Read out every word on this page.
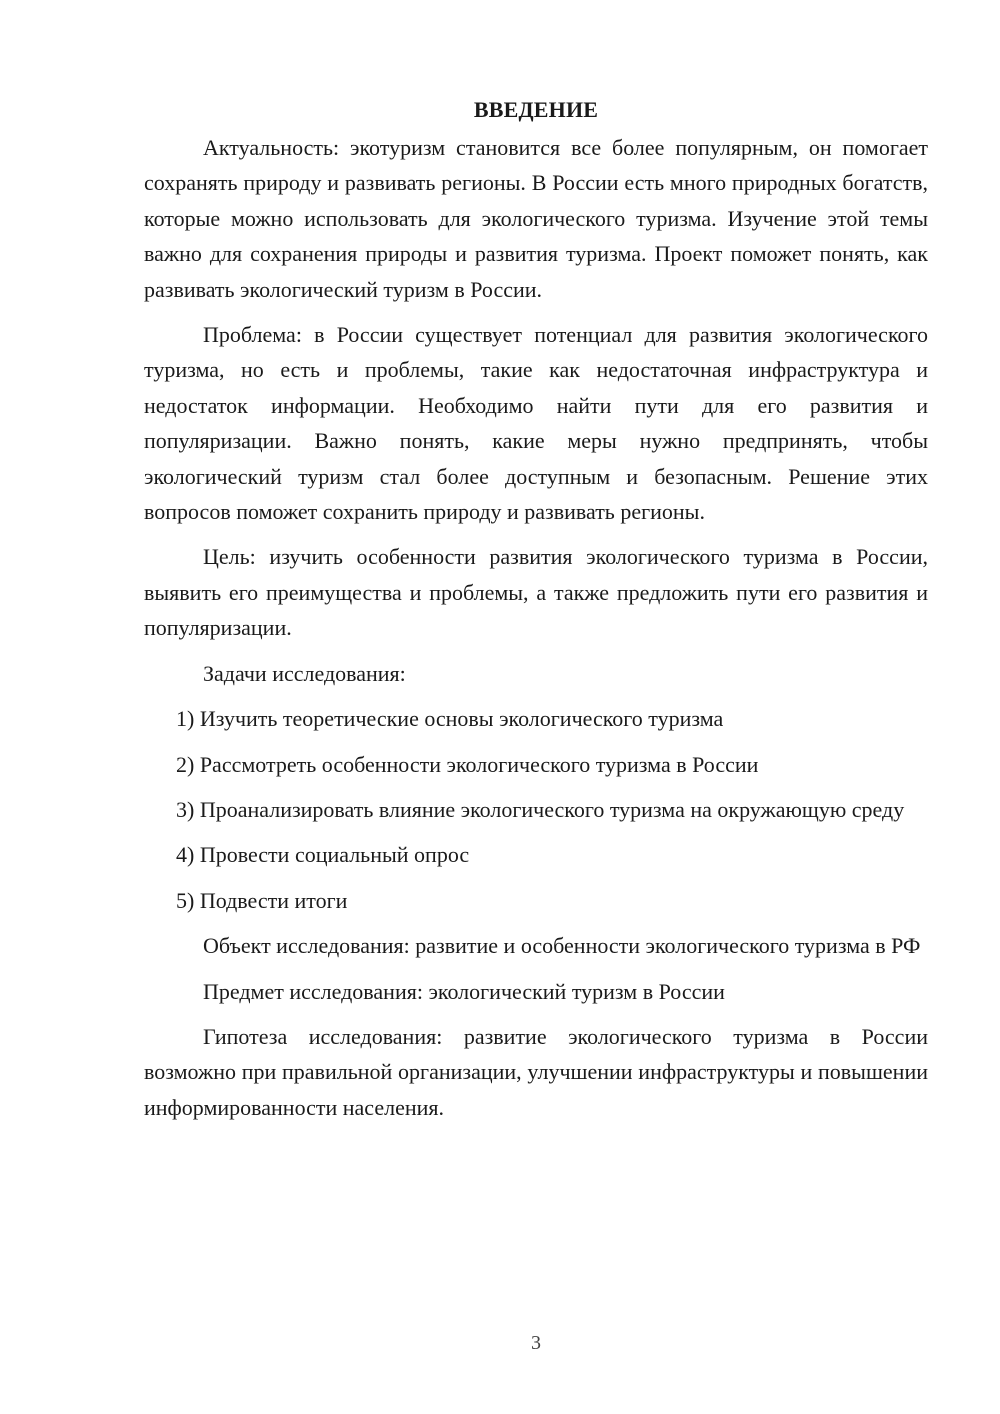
ВВЕДЕНИЕ

Актуальность: экотуризм становится все более популярным, он помогает сохранять природу и развивать регионы. В России есть много природных богатств, которые можно использовать для экологического туризма. Изучение этой темы важно для сохранения природы и развития туризма. Проект поможет понять, как развивать экологический туризм в России.

Проблема: в России существует потенциал для развития экологического туризма, но есть и проблемы, такие как недостаточная инфраструктура и недостаток информации. Необходимо найти пути для его развития и популяризации. Важно понять, какие меры нужно предпринять, чтобы экологический туризм стал более доступным и безопасным. Решение этих вопросов поможет сохранить природу и развивать регионы.

Цель: изучить особенности развития экологического туризма в России, выявить его преимущества и проблемы, а также предложить пути его развития и популяризации.

Задачи исследования:

1) Изучить теоретические основы экологического туризма

2) Рассмотреть особенности экологического туризма в России

3) Проанализировать влияние экологического туризма на окружающую среду

4) Провести социальный опрос

5) Подвести итоги

Объект исследования: развитие и особенности экологического туризма в РФ

Предмет исследования: экологический туризм в России

Гипотеза исследования: развитие экологического туризма в России возможно при правильной организации, улучшении инфраструктуры и повышении информированности населения.

3
